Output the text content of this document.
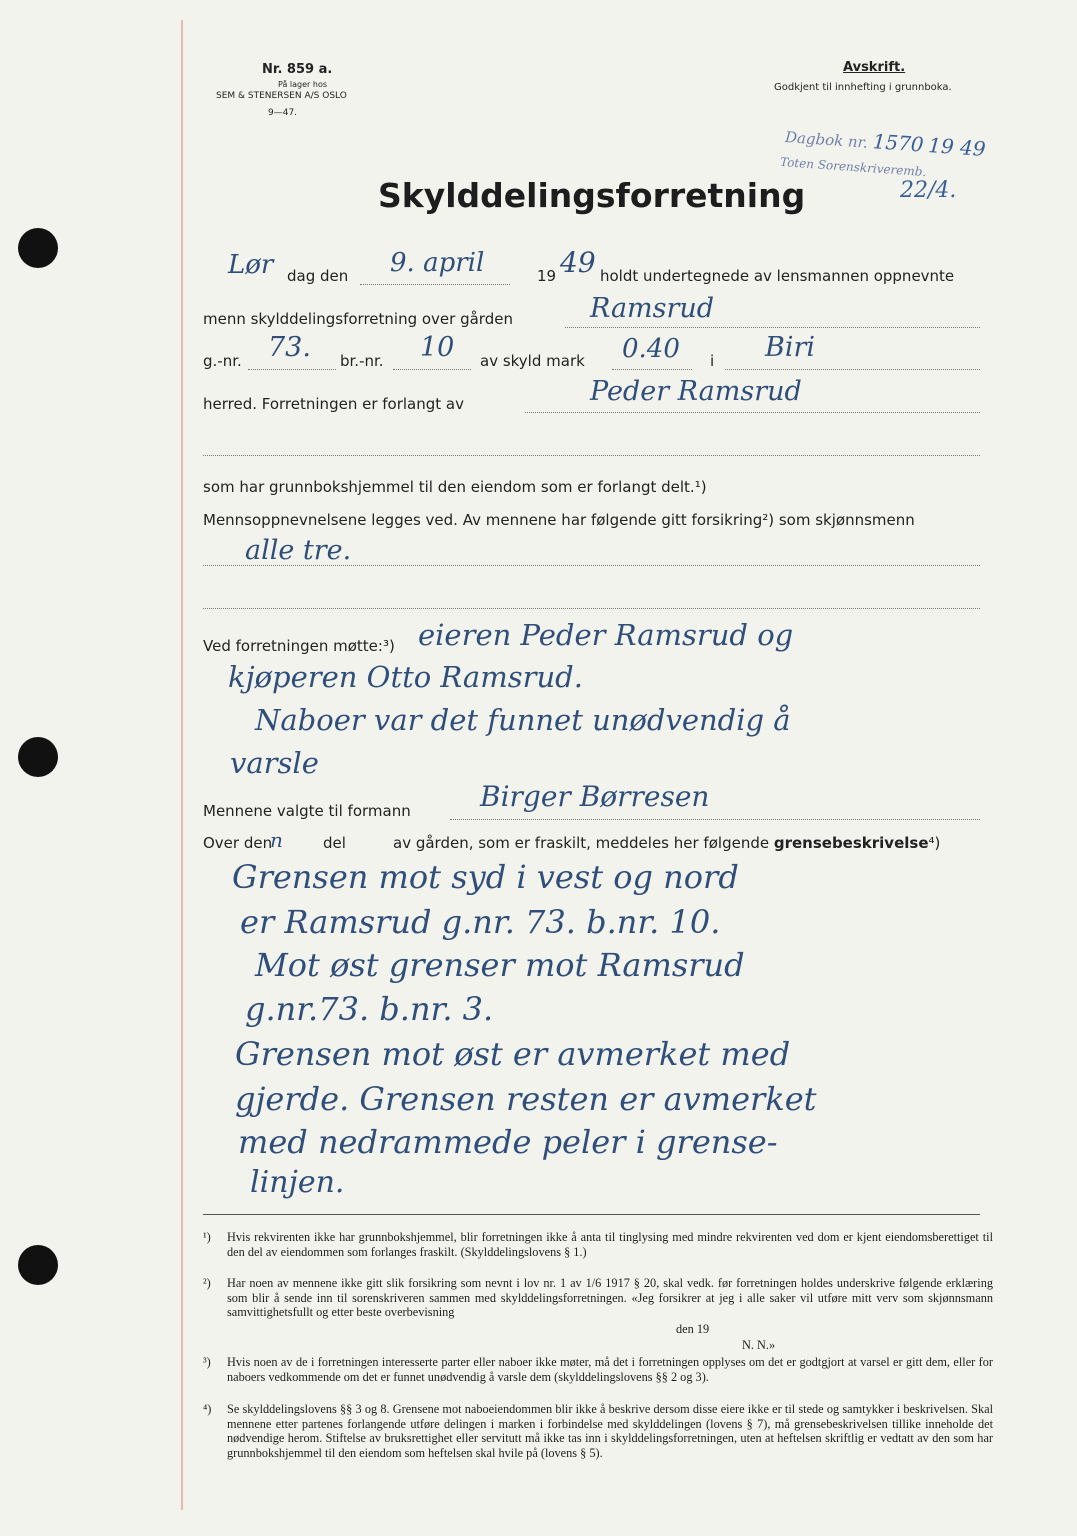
Nr. 859 a.
På lager hos
SEM & STENERSEN A/S OSLO
9—47.
Avskrift.
Godkjent til innhefting i grunnboka.
Dagbok nr. 1570 19 49
Toten Sorenskriveremb.
22/4.
Skylddelingsforretning
Lør dag den 9. april	19 49 holdt undertegnede av lensmannen oppnevnte
menn skylddelingsforretning over gården	Ramsrud
g.-nr. 73. br.-nr. 10 av skyld mark 0.40 i Biri
herred. Forretningen er forlangt av	Peder Ramsrud
som har grunnbokshjemmel til den eiendom som er forlangt delt.¹)
Mennsoppnevnelsene legges ved. Av mennene har følgende gitt forsikring²) som skjønnsmenn
alle tre.
Ved forretningen møtte:³) eieren Peder Ramsrud og
kjøperen Otto Ramsrud.
Naboer var det funnet unødvendig å
varsle
Mennene valgte til formann Birger Børresen
Over den
n	del	av gården, som er fraskilt, meddeles her følgende grensebeskrivelse⁴)
Grensen mot syd i vest og nord
er Ramsrud g.nr. 73. b.nr. 10.
Mot øst grenser mot Ramsrud
g.nr.73. b.nr. 3.
Grensen mot øst er avmerket med
gjerde. Grensen resten er avmerket
med nedrammede peler i grense-
linjen.
¹)	Hvis rekvirenten ikke har grunnbokshjemmel, blir forretningen ikke å anta til tinglysing med mindre rekvirenten ved dom er kjent eiendomsberettiget til den del av eiendommen som forlanges fraskilt. (Skylddelingslovens § 1.)
²)	Har noen av mennene ikke gitt slik forsikring som nevnt i lov nr. 1 av 1/6 1917 § 20, skal vedk. før forretningen holdes underskrive følgende erklæring som blir å sende inn til sorenskriveren sammen med skylddelingsforretningen. «Jeg forsikrer at jeg i alle saker vil utføre mitt verv som skjønnsmann samvittighetsfullt og etter beste overbevisning
den 19
N. N.»
³)	Hvis noen av de i forretningen interesserte parter eller naboer ikke møter, må det i forretningen opplyses om det er godtgjort at varsel er gitt dem, eller for naboers vedkommende om det er funnet unødvendig å varsle dem (skylddelingslovens §§ 2 og 3).
⁴)	Se skylddelingslovens §§ 3 og 8. Grensene mot naboeiendommen blir ikke å beskrive dersom disse eiere ikke er til stede og samtykker i beskrivelsen. Skal mennene etter partenes forlangende utføre delingen i marken i forbindelse med skylddelingen (lovens § 7), må grensebeskrivelsen tillike inneholde det nødvendige herom. Stiftelse av bruksrettighet eller servitutt må ikke tas inn i skylddelingsforretningen, uten at heftelsen skriftlig er vedtatt av den som har grunnbokshjemmel til den eiendom som heftelsen skal hvile på (lovens § 5).
